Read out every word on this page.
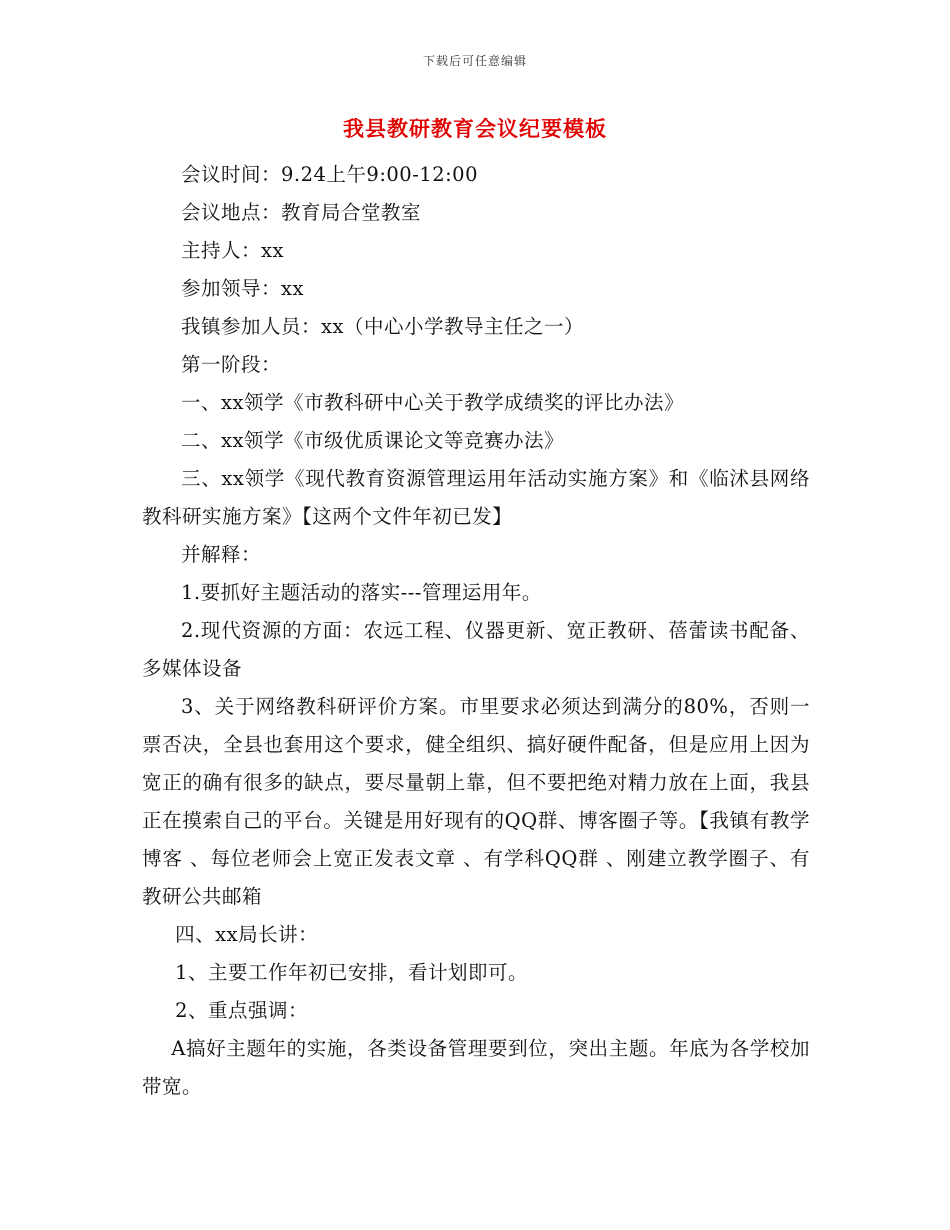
下载后可任意编辑
我县教研教育会议纪要模板

会议时间：9.24上午9:00-12:00

会议地点：教育局合堂教室

主持人：xx

参加领导：xx

我镇参加人员：xx（中心小学教导主任之一）

第一阶段：

一、xx领学《市教科研中心关于教学成绩奖的评比办法》

二、xx领学《市级优质课论文等竞赛办法》

三、xx领学《现代教育资源管理运用年活动实施方案》和《临沭县网络教科研实施方案》【这两个文件年初已发】

并解释：

1.要抓好主题活动的落实---管理运用年。

2.现代资源的方面：农远工程、仪器更新、宽正教研、蓓蕾读书配备、多媒体设备

3、关于网络教科研评价方案。市里要求必须达到满分的80%，否则一票否决，全县也套用这个要求，健全组织、搞好硬件配备，但是应用上因为宽正的确有很多的缺点，要尽量朝上靠，但不要把绝对精力放在上面，我县正在摸索自己的平台。关键是用好现有的QQ群、博客圈子等。【我镇有教学博客 、每位老师会上宽正发表文章 、有学科QQ群 、刚建立教学圈子、有教研公共邮箱

四、xx局长讲：

1、主要工作年初已安排，看计划即可。

2、重点强调：

A搞好主题年的实施，各类设备管理要到位，突出主题。年底为各学校加带宽。
